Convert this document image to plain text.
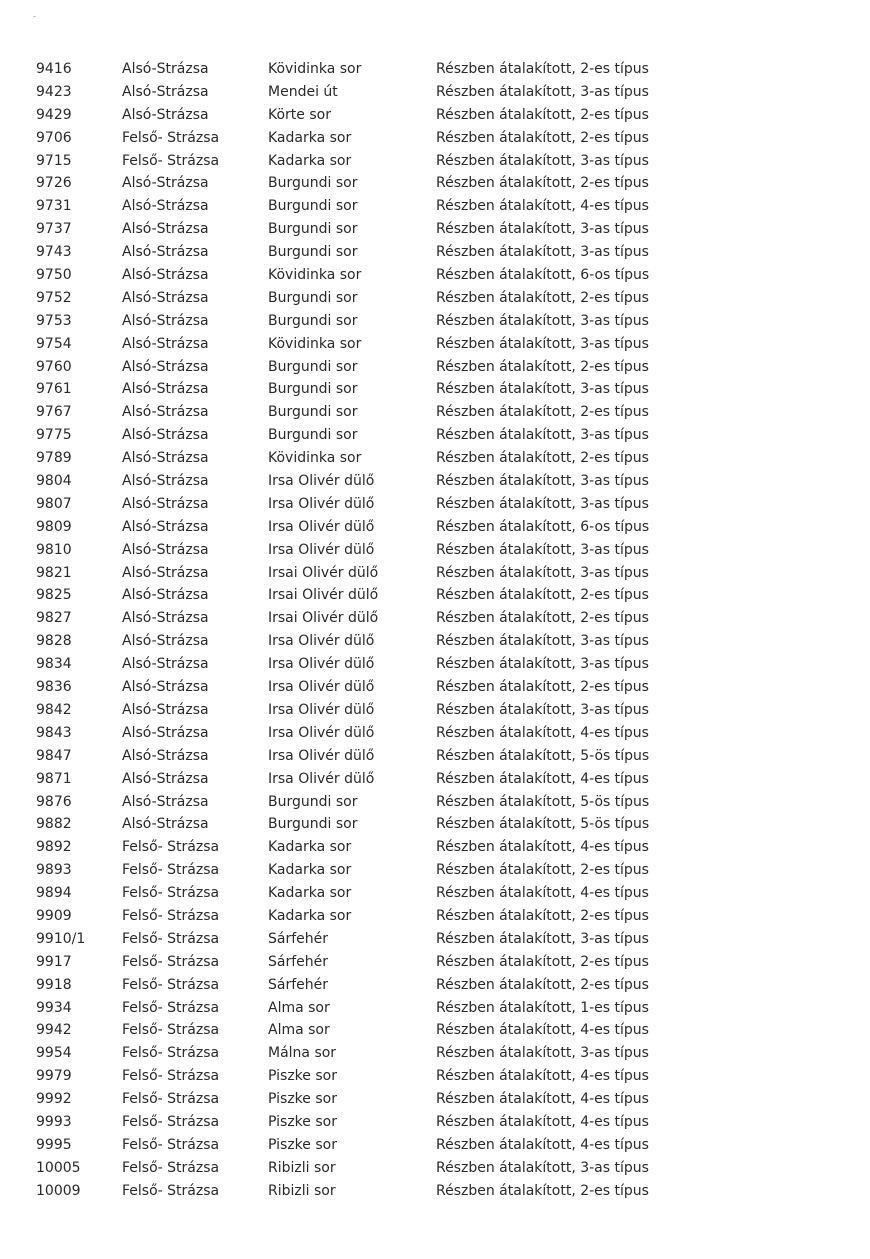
9416	Alsó-Strázsa	Kövidinka sor	Részben átalakított, 2-es típus
9423	Alsó-Strázsa	Mendei út	Részben átalakított, 3-as típus
9429	Alsó-Strázsa	Körte sor	Részben átalakított, 2-es típus
9706	Felső- Strázsa	Kadarka sor	Részben átalakított, 2-es típus
9715	Felső- Strázsa	Kadarka sor	Részben átalakított, 3-as típus
9726	Alsó-Strázsa	Burgundi sor	Részben átalakított, 2-es típus
9731	Alsó-Strázsa	Burgundi sor	Részben átalakított, 4-es típus
9737	Alsó-Strázsa	Burgundi sor	Részben átalakított, 3-as típus
9743	Alsó-Strázsa	Burgundi sor	Részben átalakított, 3-as típus
9750	Alsó-Strázsa	Kövidinka sor	Részben átalakított, 6-os típus
9752	Alsó-Strázsa	Burgundi sor	Részben átalakított, 2-es típus
9753	Alsó-Strázsa	Burgundi sor	Részben átalakított, 3-as típus
9754	Alsó-Strázsa	Kövidinka sor	Részben átalakított, 3-as típus
9760	Alsó-Strázsa	Burgundi sor	Részben átalakított, 2-es típus
9761	Alsó-Strázsa	Burgundi sor	Részben átalakított, 3-as típus
9767	Alsó-Strázsa	Burgundi sor	Részben átalakított, 2-es típus
9775	Alsó-Strázsa	Burgundi sor	Részben átalakított, 3-as típus
9789	Alsó-Strázsa	Kövidinka sor	Részben átalakított, 2-es típus
9804	Alsó-Strázsa	Irsa Olivér dülő	Részben átalakított, 3-as típus
9807	Alsó-Strázsa	Irsa Olivér dülő	Részben átalakított, 3-as típus
9809	Alsó-Strázsa	Irsa Olivér dülő	Részben átalakított, 6-os típus
9810	Alsó-Strázsa	Irsa Olivér dülő	Részben átalakított, 3-as típus
9821	Alsó-Strázsa	Irsai Olivér dülő	Részben átalakított, 3-as típus
9825	Alsó-Strázsa	Irsai Olivér dülő	Részben átalakított, 2-es típus
9827	Alsó-Strázsa	Irsai Olivér dülő	Részben átalakított, 2-es típus
9828	Alsó-Strázsa	Irsa Olivér dülő	Részben átalakított, 3-as típus
9834	Alsó-Strázsa	Irsa Olivér dülő	Részben átalakított, 3-as típus
9836	Alsó-Strázsa	Irsa Olivér dülő	Részben átalakított, 2-es típus
9842	Alsó-Strázsa	Irsa Olivér dülő	Részben átalakított, 3-as típus
9843	Alsó-Strázsa	Irsa Olivér dülő	Részben átalakított, 4-es típus
9847	Alsó-Strázsa	Irsa Olivér dülő	Részben átalakított, 5-ös típus
9871	Alsó-Strázsa	Irsa Olivér dülő	Részben átalakított, 4-es típus
9876	Alsó-Strázsa	Burgundi sor	Részben átalakított, 5-ös típus
9882	Alsó-Strázsa	Burgundi sor	Részben átalakított, 5-ös típus
9892	Felső- Strázsa	Kadarka sor	Részben átalakított, 4-es típus
9893	Felső- Strázsa	Kadarka sor	Részben átalakított, 2-es típus
9894	Felső- Strázsa	Kadarka sor	Részben átalakított, 4-es típus
9909	Felső- Strázsa	Kadarka sor	Részben átalakított, 2-es típus
9910/1	Felső- Strázsa	Sárfehér	Részben átalakított, 3-as típus
9917	Felső- Strázsa	Sárfehér	Részben átalakított, 2-es típus
9918	Felső- Strázsa	Sárfehér	Részben átalakított, 2-es típus
9934	Felső- Strázsa	Alma sor	Részben átalakított, 1-es típus
9942	Felső- Strázsa	Alma sor	Részben átalakított, 4-es típus
9954	Felső- Strázsa	Málna sor	Részben átalakított, 3-as típus
9979	Felső- Strázsa	Piszke sor	Részben átalakított, 4-es típus
9992	Felső- Strázsa	Piszke sor	Részben átalakított, 4-es típus
9993	Felső- Strázsa	Piszke sor	Részben átalakított, 4-es típus
9995	Felső- Strázsa	Piszke sor	Részben átalakított, 4-es típus
10005	Felső- Strázsa	Ribizli sor	Részben átalakított, 3-as típus
10009	Felső- Strázsa	Ribizli sor	Részben átalakított, 2-es típus
